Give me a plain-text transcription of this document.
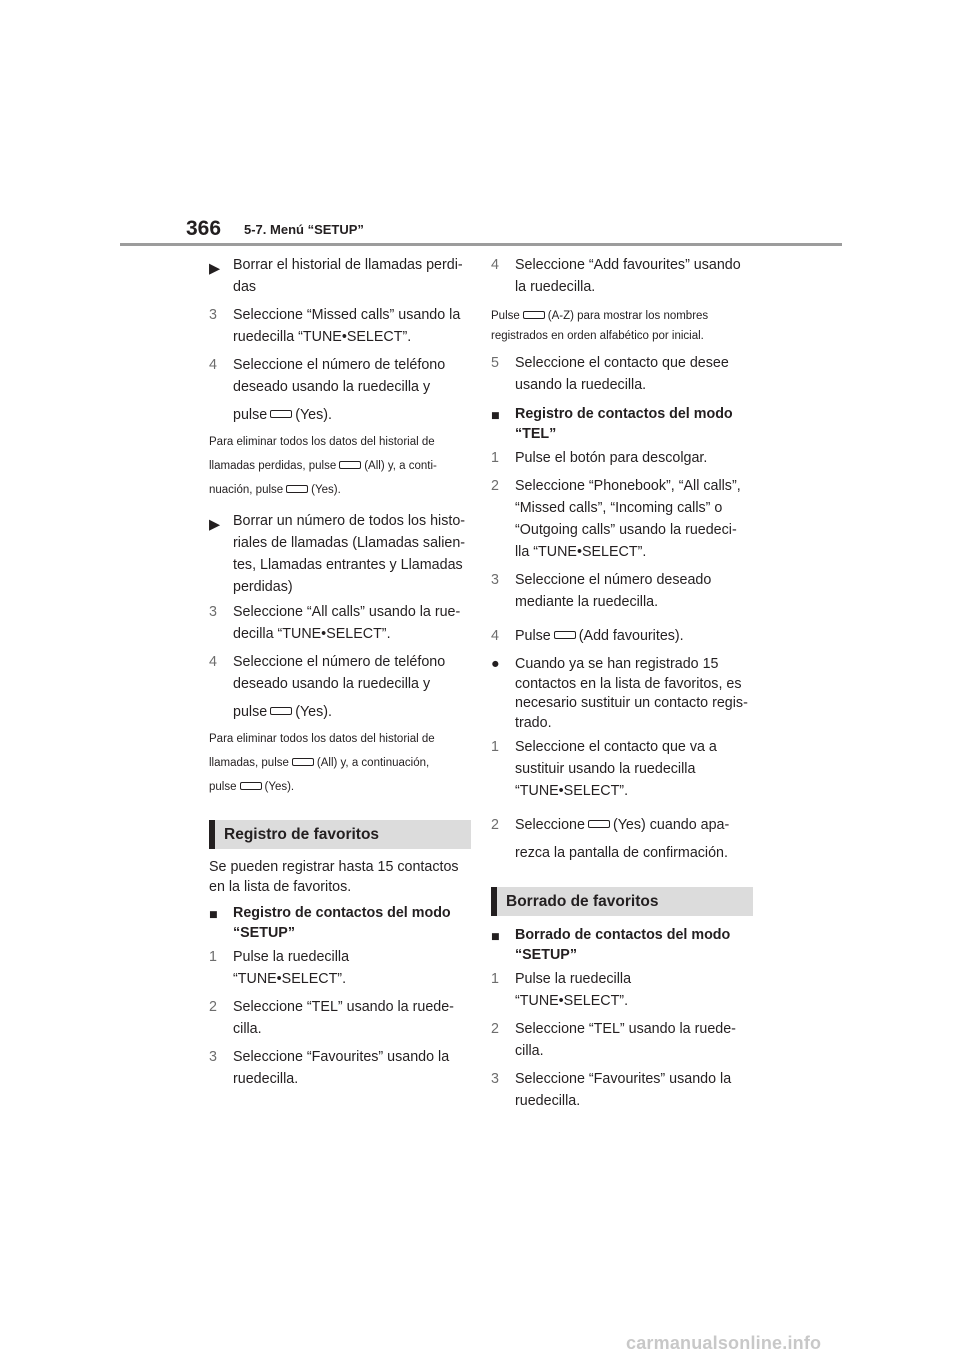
366 5-7. Menú “SETUP”
▶ Borrar el historial de llamadas perdi-
das
3 Seleccione “Missed calls” usando la
ruedecilla “TUNE•SELECT”.
4 Seleccione el número de teléfono
deseado usando la ruedecilla y
pulse (Yes).

Para eliminar todos los datos del historial de

llamadas perdidas, pulse (All) y, a conti-

nuación, pulse (Yes).

▶ Borrar un número de todos los histo-
riales de llamadas (Llamadas salien-
tes, Llamadas entrantes y Llamadas
perdidas)
3 Seleccione “All calls” usando la rue-
decilla “TUNE•SELECT”.
4 Seleccione el número de teléfono
deseado usando la ruedecilla y
pulse (Yes).

Para eliminar todos los datos del historial de

llamadas, pulse (All) y, a continuación,

pulse (Yes).

Registro de favoritos

Se pueden registrar hasta 15 contactos en la lista de favoritos.

■ Registro de contactos del modo “SETUP”
1 Pulse la ruedecilla
“TUNE•SELECT”.
2 Seleccione “TEL” usando la ruede-
cilla.
3 Seleccione “Favourites” usando la
ruedecilla.
4 Seleccione “Add favourites” usando
la ruedecilla.

Pulse (A-Z) para mostrar los nombres

registrados en orden alfabético por inicial.

5 Seleccione el contacto que desee
usando la ruedecilla.
■ Registro de contactos del modo “TEL”
1 Pulse el botón para descolgar.
2 Seleccione “Phonebook”, “All calls”,
“Missed calls”, “Incoming calls” o
“Outgoing calls” usando la ruedeci-
lla “TUNE•SELECT”.
3 Seleccione el número deseado
mediante la ruedecilla.
4 Pulse (Add favourites).
● Cuando ya se han registrado 15 contactos en la lista de favoritos, es necesario sustituir un contacto regis- trado.
1 Seleccione el contacto que va a
sustituir usando la ruedecilla
“TUNE•SELECT”.
2 Seleccione (Yes) cuando apa-
rezca la pantalla de confirmación.
Borrado de favoritos
■ Borrado de contactos del modo “SETUP”
1 Pulse la ruedecilla
“TUNE•SELECT”.
2 Seleccione “TEL” usando la ruede-
cilla.
3 Seleccione “Favourites” usando la
ruedecilla.
carmanualsonline.info
